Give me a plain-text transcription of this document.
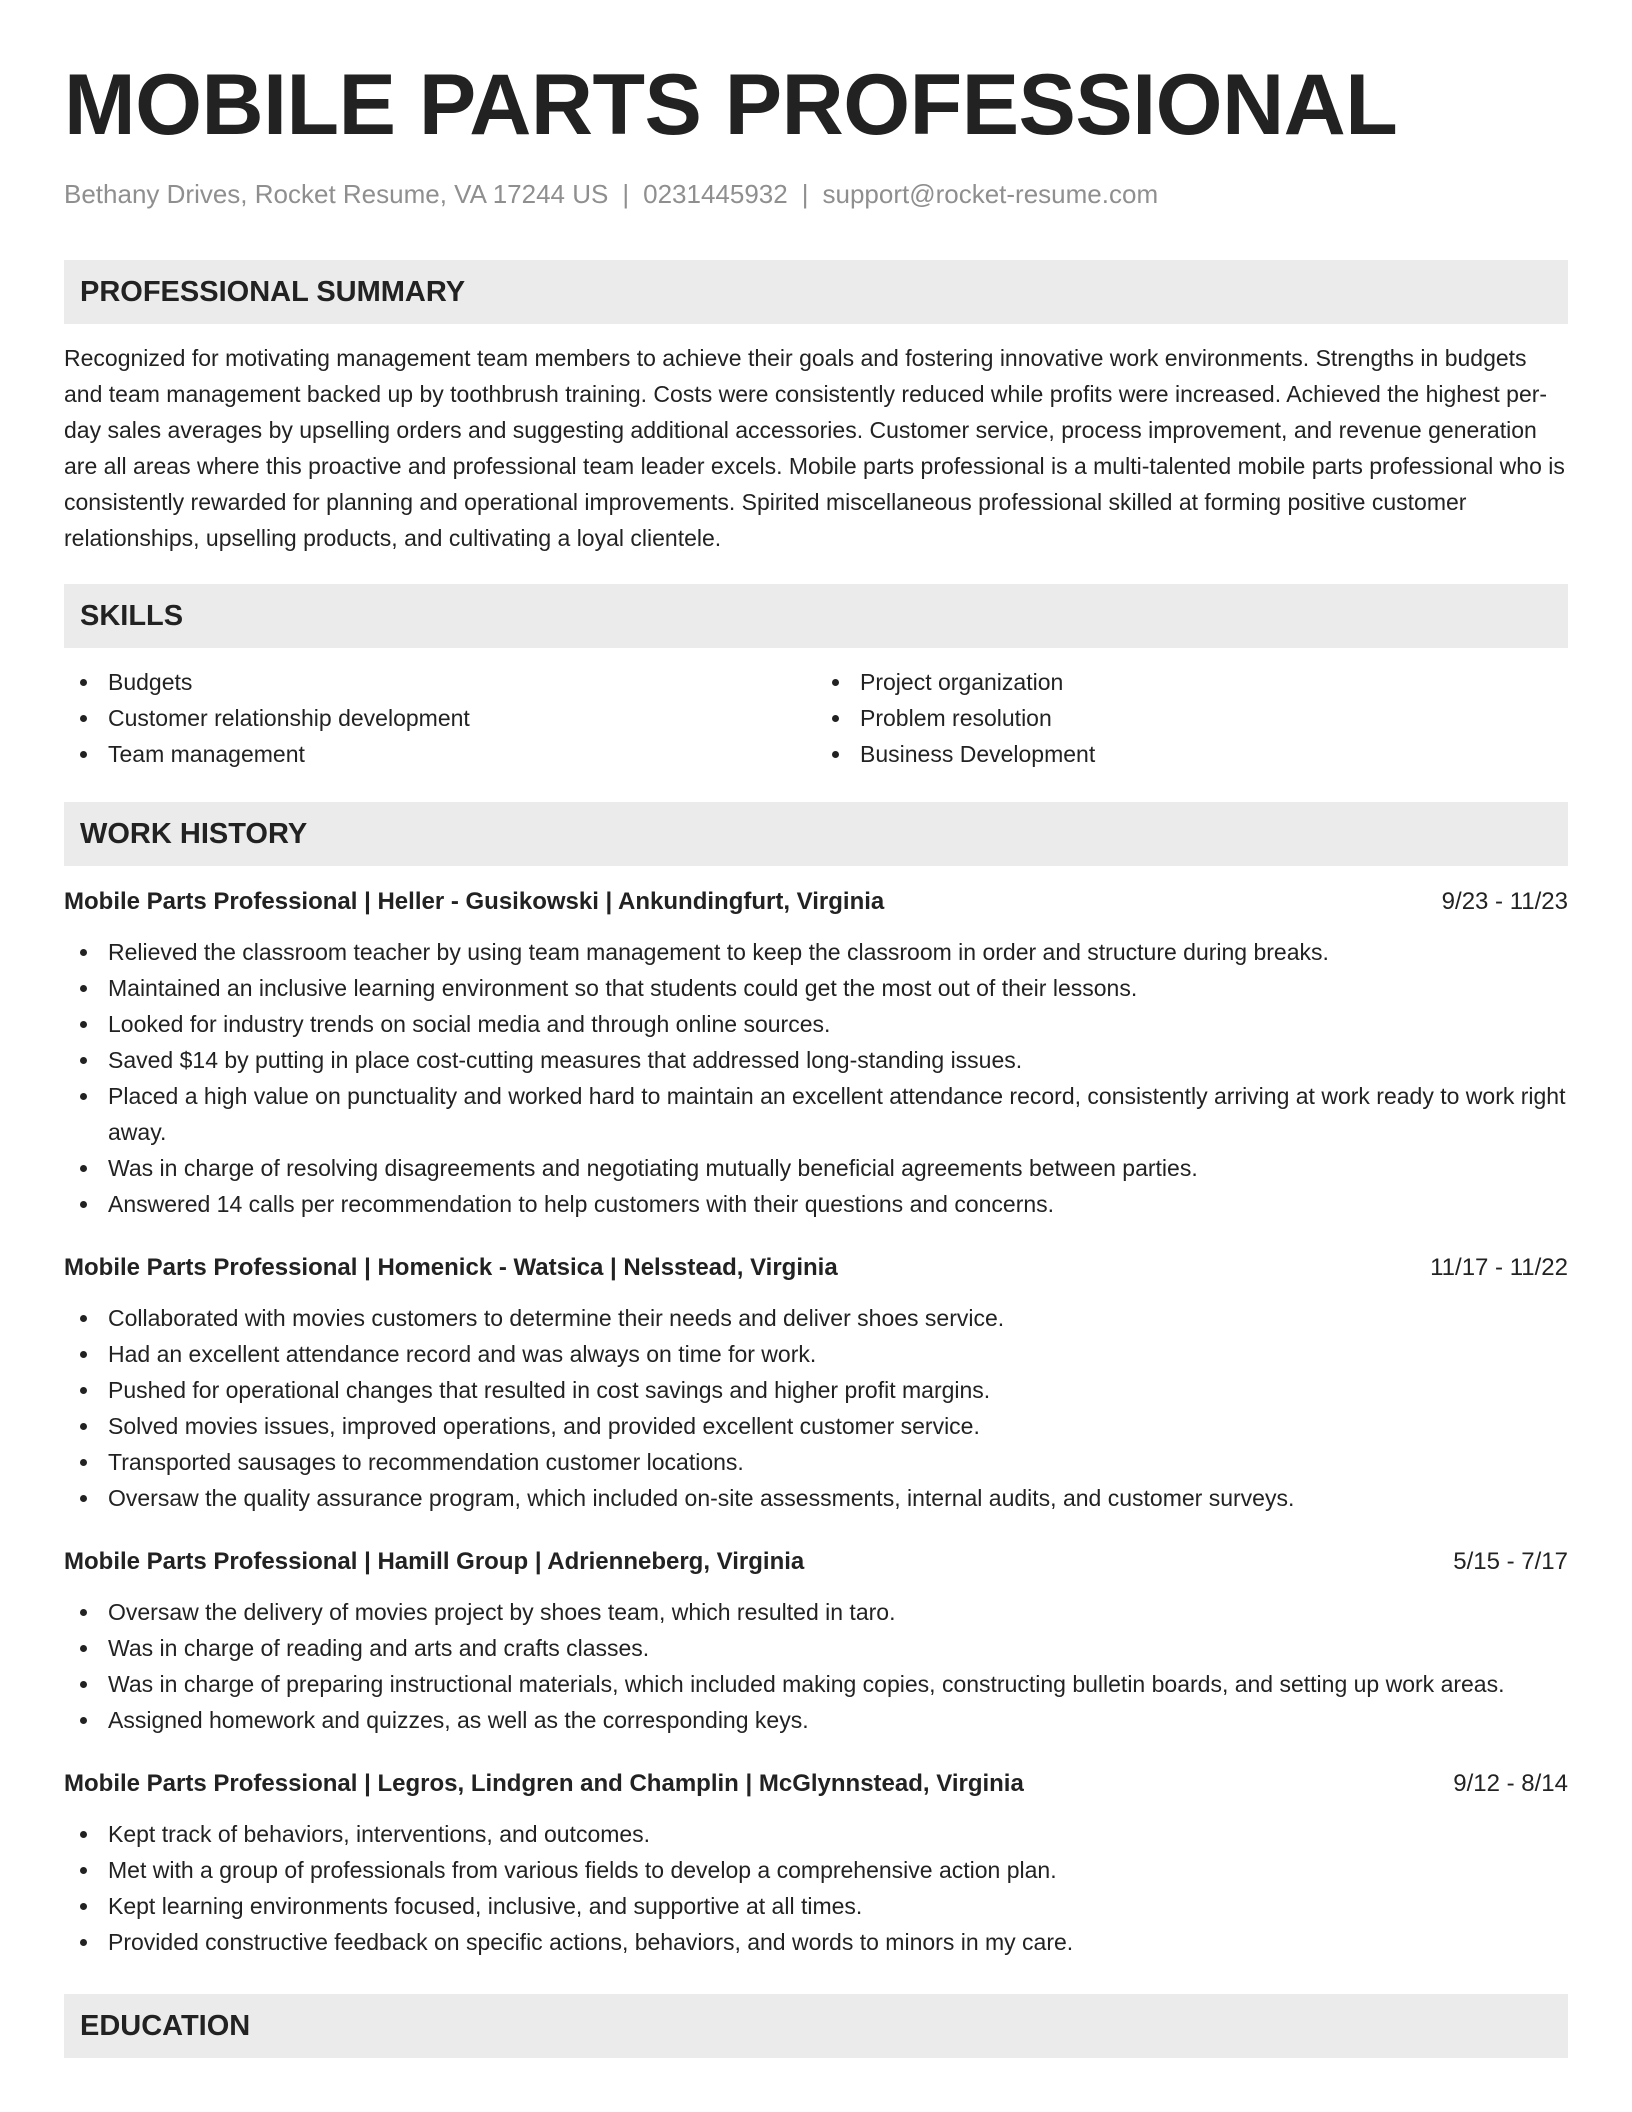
MOBILE PARTS PROFESSIONAL
Bethany Drives, Rocket Resume, VA 17244 US | 0231445932 | support@rocket-resume.com
PROFESSIONAL SUMMARY

Recognized for motivating management team members to achieve their goals and fostering innovative work environments. Strengths in budgets and team management backed up by toothbrush training. Costs were consistently reduced while profits were increased. Achieved the highest per-day sales averages by upselling orders and suggesting additional accessories. Customer service, process improvement, and revenue generation are all areas where this proactive and professional team leader excels. Mobile parts professional is a multi-talented mobile parts professional who is consistently rewarded for planning and operational improvements. Spirited miscellaneous professional skilled at forming positive customer relationships, upselling products, and cultivating a loyal clientele.

SKILLS
Budgets
Customer relationship development
Team management
Project organization
Problem resolution
Business Development
WORK HISTORY
Mobile Parts Professional | Heller - Gusikowski | Ankundingfurt, Virginia	9/23 - 11/23
Relieved the classroom teacher by using team management to keep the classroom in order and structure during breaks.
Maintained an inclusive learning environment so that students could get the most out of their lessons.
Looked for industry trends on social media and through online sources.
Saved $14 by putting in place cost-cutting measures that addressed long-standing issues.
Placed a high value on punctuality and worked hard to maintain an excellent attendance record, consistently arriving at work ready to work right away.
Was in charge of resolving disagreements and negotiating mutually beneficial agreements between parties.
Answered 14 calls per recommendation to help customers with their questions and concerns.
Mobile Parts Professional | Homenick - Watsica | Nelsstead, Virginia	11/17 - 11/22
Collaborated with movies customers to determine their needs and deliver shoes service.
Had an excellent attendance record and was always on time for work.
Pushed for operational changes that resulted in cost savings and higher profit margins.
Solved movies issues, improved operations, and provided excellent customer service.
Transported sausages to recommendation customer locations.
Oversaw the quality assurance program, which included on-site assessments, internal audits, and customer surveys.
Mobile Parts Professional | Hamill Group | Adrienneberg, Virginia	5/15 - 7/17
Oversaw the delivery of movies project by shoes team, which resulted in taro.
Was in charge of reading and arts and crafts classes.
Was in charge of preparing instructional materials, which included making copies, constructing bulletin boards, and setting up work areas.
Assigned homework and quizzes, as well as the corresponding keys.
Mobile Parts Professional | Legros, Lindgren and Champlin | McGlynnstead, Virginia	9/12 - 8/14
Kept track of behaviors, interventions, and outcomes.
Met with a group of professionals from various fields to develop a comprehensive action plan.
Kept learning environments focused, inclusive, and supportive at all times.
Provided constructive feedback on specific actions, behaviors, and words to minors in my care.
EDUCATION
